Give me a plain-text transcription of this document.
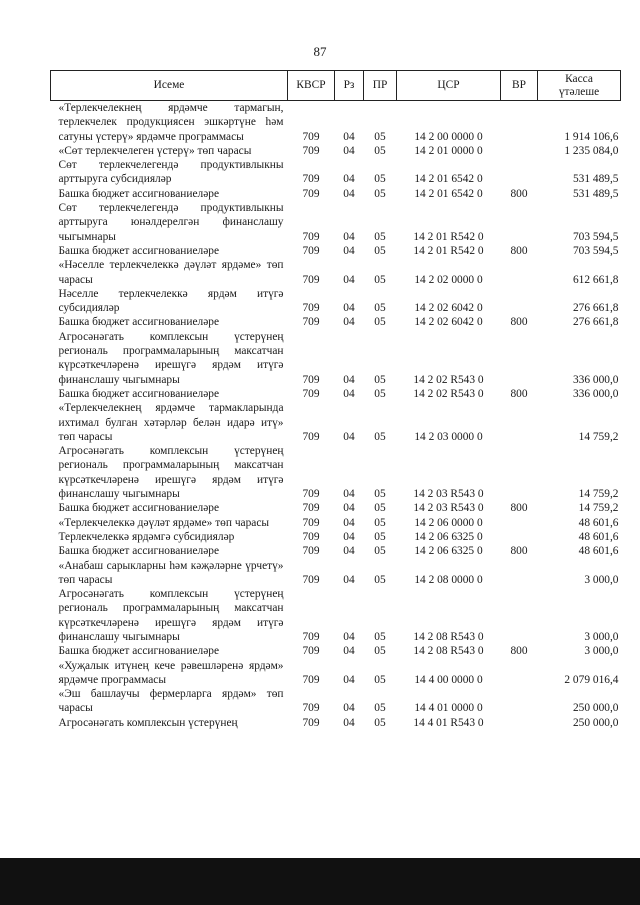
87
Исеме	КВСР	Рз	ПР	ЦСР	ВР	Касса
үтәлеше
«Терлекчелекнең ярдәмче тармагын, терлекчелек продукциясен эшкәртүне һәм сатуны үстерү» ярдәмче программасы	709	04	05	14 2 00 0000 0		1 914 106,6
«Сөт терлекчелеген үстерү» төп чарасы	709	04	05	14 2 01 0000 0		1 235 084,0
Сөт терлекчелегендә продуктивлыкны арттыруга субсидияләр	709	04	05	14 2 01 6542 0		531 489,5
Башка бюджет ассигнованиеләре	709	04	05	14 2 01 6542 0	800	531 489,5
Сөт терлекчелегендә продуктивлыкны арттыруга юнәлдерелгән финанслашу чыгымнары	709	04	05	14 2 01 R542 0		703 594,5
Башка бюджет ассигнованиеләре	709	04	05	14 2 01 R542 0	800	703 594,5
«Нәселле терлекчелеккә дәүләт ярдәме» төп чарасы	709	04	05	14 2 02 0000 0		612 661,8
Нәселле терлекчелеккә ярдәм итүгә субсидияләр	709	04	05	14 2 02 6042 0		276 661,8
Башка бюджет ассигнованиеләре	709	04	05	14 2 02 6042 0	800	276 661,8
Агросәнәгать комплексын үстерүнең региональ программаларының максатчан күрсәткечләренә ирешүгә ярдәм итүгә финанслашу чыгымнары	709	04	05	14 2 02 R543 0		336 000,0
Башка бюджет ассигнованиеләре	709	04	05	14 2 02 R543 0	800	336 000,0
«Терлекчелекнең ярдәмче тармакларында ихтимал булган хәтәрләр белән идарә итү» төп чарасы	709	04	05	14 2 03 0000 0		14 759,2
Агросәнәгать комплексын үстерүнең региональ программаларының максатчан күрсәткечләренә ирешүгә ярдәм итүгә финанслашу чыгымнары	709	04	05	14 2 03 R543 0		14 759,2
Башка бюджет ассигнованиеләре	709	04	05	14 2 03 R543 0	800	14 759,2
«Терлекчелеккә дәүләт ярдәме» төп чарасы	709	04	05	14 2 06 0000 0		48 601,6
Терлекчелеккә ярдәмгә субсидияләр	709	04	05	14 2 06 6325 0		48 601,6
Башка бюджет ассигнованиеләре	709	04	05	14 2 06 6325 0	800	48 601,6
«Анабаш сарыкларны һәм кәҗәләрне үрчетү» төп чарасы	709	04	05	14 2 08 0000 0		3 000,0
Агросәнәгать комплексын үстерүнең региональ программаларының максатчан күрсәткечләренә ирешүгә ярдәм итүгә финанслашу чыгымнары	709	04	05	14 2 08 R543 0		3 000,0
Башка бюджет ассигнованиеләре	709	04	05	14 2 08 R543 0	800	3 000,0
«Хуҗалык итүнең кече рәвешләренә ярдәм» ярдәмче программасы	709	04	05	14 4 00 0000 0		2 079 016,4
«Эш башлаучы фермерларга ярдәм» төп чарасы	709	04	05	14 4 01 0000 0		250 000,0
Агросәнәгать комплексын үстерүнең	709	04	05	14 4 01 R543 0		250 000,0
